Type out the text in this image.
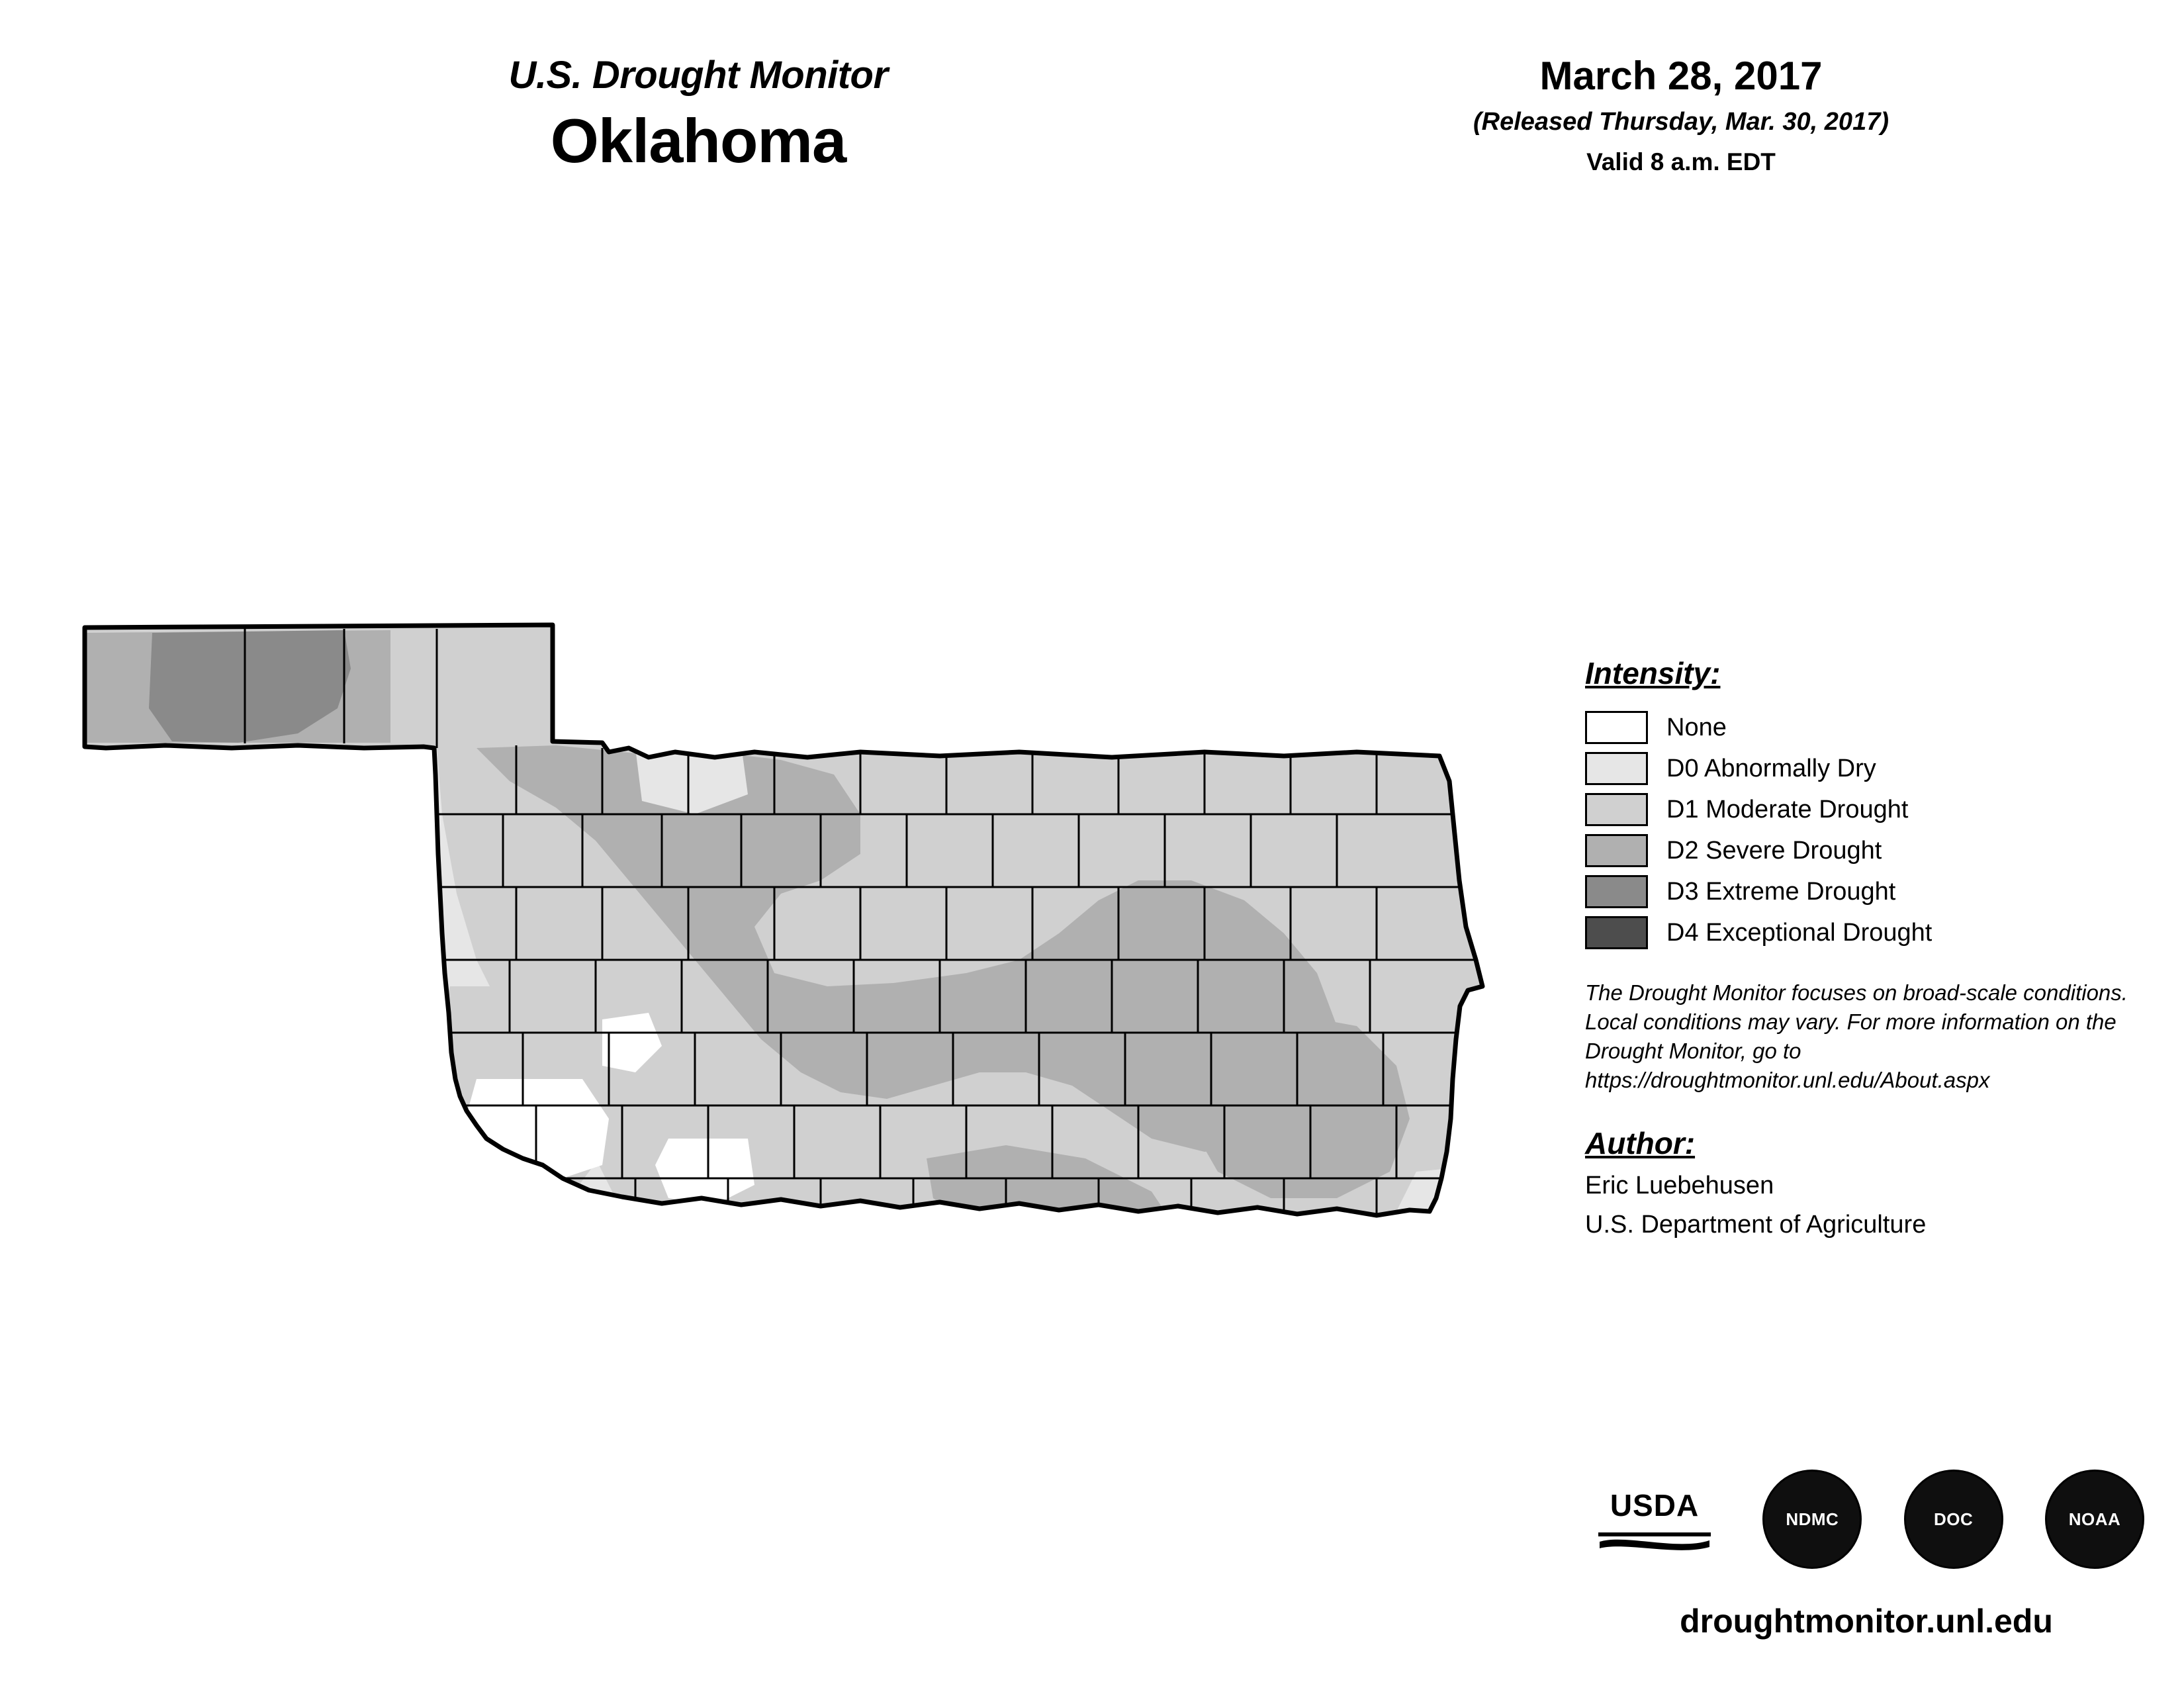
U.S. Drought Monitor
Oklahoma
March 28, 2017
(Released Thursday, Mar. 30, 2017)
Valid 8 a.m. EDT
Intensity:
None
D0 Abnormally Dry
D1 Moderate Drought
D2 Severe Drought
D3 Extreme Drought
D4 Exceptional Drought
The Drought Monitor focuses on broad-scale conditions. Local conditions may vary. For more information on the Drought Monitor, go to https://droughtmonitor.unl.edu/About.aspx
Author:
Eric Luebehusen
U.S. Department of Agriculture
USDA	NDMC	DOC	NOAA
droughtmonitor.unl.edu
